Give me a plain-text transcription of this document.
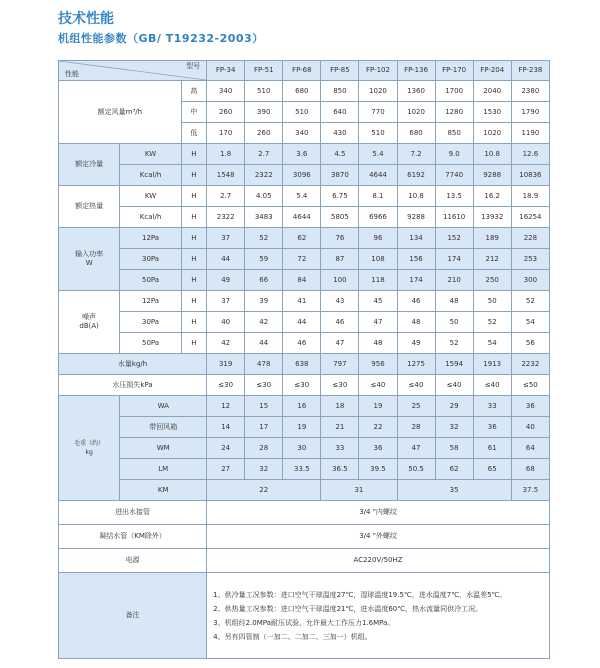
技术性能
机组性能参数（GB/ T19232-2003）
型号
性能			FP-34	FP-51	FP-68	FP-85	FP-102	FP-136	FP-170	FP-204	FP-238
额定风量m³/h		高	340	510	680	850	1020	1360	1700	2040	2380
		中	260	390	510	640	770	1020	1280	1530	1790
		低	170	260	340	430	510	680	850	1020	1190
额定冷量	KW	H	1.8	2.7	3.6	4.5	5.4	7.2	9.0	10.8	12.6
	Kcal/h	H	1548	2322	3096	3870	4644	6192	7740	9288	10836
额定热量	KW	H	2.7	4.05	5.4	6.75	8.1	10.8	13.5	16.2	18.9
	Kcal/h	H	2322	3483	4644	5805	6966	9288	11610	13932	16254
输入功率
W	12Pa	H	37	52	62	76	96	134	152	189	228
	30Pa	H	44	59	72	87	108	156	174	212	253
	50Pa	H	49	66	84	100	118	174	210	250	300
噪声
dB(A)	12Pa	H	37	39	41	43	45	46	48	50	52
	30Pa	H	40	42	44	46	47	48	50	52	54
	50Pa	H	42	44	46	47	48	49	52	54	56
水量kg/h			319	478	638	797	956	1275	1594	1913	2232
水压损失kPa			≤30	≤30	≤30	≤30	≤40	≤40	≤40	≤40	≤50
毛重（约）
kg	WA		12	15	16	18	19	25	29	33	36
	带回风箱		14	17	19	21	22	28	32	36	40
	WM		24	28	30	33	36	47	58	61	64
	LM		27	32	33.5	36.5	39.5	50.5	62	65	68
	KM		22			31		35			37.5
进出水接管			3/4 "内螺纹								
凝结水管（KM除外）			3/4 "外螺纹								
电源			AC220V/50HZ								
备注			1、供冷量工况参数：进口空气干球温度27℃，湿球温度19.5℃，进水温度7℃，水温差5℃。
2、供热量工况参数：进口空气干球温度21℃，进水温度60℃，热水流量同供冷工况。
3、机组经2.0MPa耐压试验，允许最大工作压力1.6MPa。
4、另有四管制（一加二、二加二、三加一）机组。								
